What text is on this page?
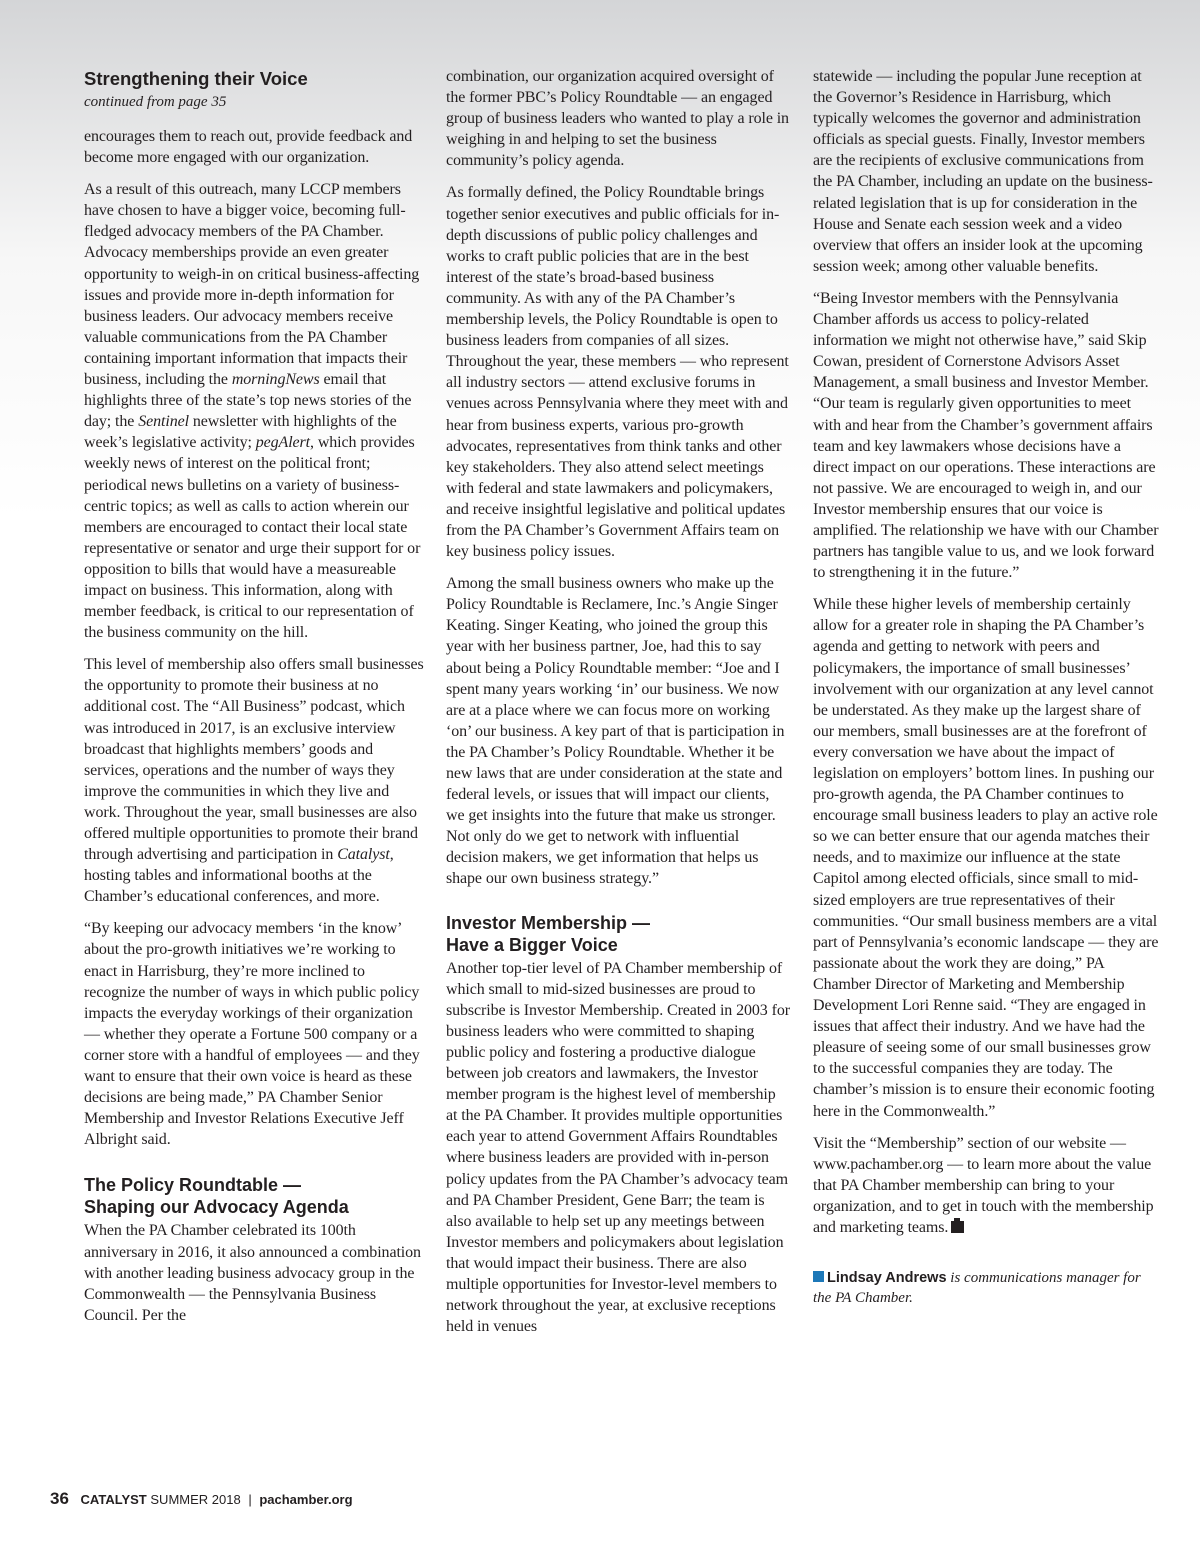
Strengthening their Voice
continued from page 35

encourages them to reach out, provide feedback and become more engaged with our organization.

As a result of this outreach, many LCCP members have chosen to have a bigger voice, becoming full-fledged advocacy members of the PA Chamber. Advocacy memberships provide an even greater opportunity to weigh-in on critical business-affecting issues and provide more in-depth information for business leaders. Our advocacy members receive valuable communications from the PA Chamber containing important information that impacts their business, including the morningNews email that highlights three of the state’s top news stories of the day; the Sentinel newsletter with highlights of the week’s legislative activity; pegAlert, which provides weekly news of interest on the political front; periodical news bulletins on a variety of business-centric topics; as well as calls to action wherein our members are encouraged to contact their local state representative or senator and urge their support for or opposition to bills that would have a measureable impact on business. This information, along with member feedback, is critical to our representation of the business community on the hill.

This level of membership also offers small businesses the opportunity to promote their business at no additional cost. The “All Business” podcast, which was introduced in 2017, is an exclusive interview broadcast that highlights members’ goods and services, operations and the number of ways they improve the communities in which they live and work. Throughout the year, small businesses are also offered multiple opportunities to promote their brand through advertising and participation in Catalyst, hosting tables and informational booths at the Chamber’s educational conferences, and more.

“By keeping our advocacy members ‘in the know’ about the pro-growth initiatives we’re working to enact in Harrisburg, they’re more inclined to recognize the number of ways in which public policy impacts the everyday workings of their organization — whether they operate a Fortune 500 company or a corner store with a handful of employees — and they want to ensure that their own voice is heard as these decisions are being made,” PA Chamber Senior Membership and Investor Relations Executive Jeff Albright said.

The Policy Roundtable —
Shaping our Advocacy Agenda

When the PA Chamber celebrated its 100th anniversary in 2016, it also announced a combination with another leading business advocacy group in the Commonwealth — the Pennsylvania Business Council. Per the

combination, our organization acquired oversight of the former PBC’s Policy Roundtable — an engaged group of business leaders who wanted to play a role in weighing in and helping to set the business community’s policy agenda.

As formally defined, the Policy Roundtable brings together senior executives and public officials for in-depth discussions of public policy challenges and works to craft public policies that are in the best interest of the state’s broad-based business community. As with any of the PA Chamber’s membership levels, the Policy Roundtable is open to business leaders from companies of all sizes. Throughout the year, these members — who represent all industry sectors — attend exclusive forums in venues across Pennsylvania where they meet with and hear from business experts, various pro-growth advocates, representatives from think tanks and other key stakeholders. They also attend select meetings with federal and state lawmakers and policymakers, and receive insightful legislative and political updates from the PA Chamber’s Government Affairs team on key business policy issues.

Among the small business owners who make up the Policy Roundtable is Reclamere, Inc.’s Angie Singer Keating. Singer Keating, who joined the group this year with her business partner, Joe, had this to say about being a Policy Roundtable member: “Joe and I spent many years working ‘in’ our business. We now are at a place where we can focus more on working ‘on’ our business. A key part of that is participation in the PA Chamber’s Policy Roundtable. Whether it be new laws that are under consideration at the state and federal levels, or issues that will impact our clients, we get insights into the future that make us stronger. Not only do we get to network with influential decision makers, we get information that helps us shape our own business strategy.”

Investor Membership —
Have a Bigger Voice

Another top-tier level of PA Chamber membership of which small to mid-sized businesses are proud to subscribe is Investor Membership. Created in 2003 for business leaders who were committed to shaping public policy and fostering a productive dialogue between job creators and lawmakers, the Investor member program is the highest level of membership at the PA Chamber. It provides multiple opportunities each year to attend Government Affairs Roundtables where business leaders are provided with in-person policy updates from the PA Chamber’s advocacy team and PA Chamber President, Gene Barr; the team is also available to help set up any meetings between Investor members and policymakers about legislation that would impact their business. There are also multiple opportunities for Investor-level members to network throughout the year, at exclusive receptions held in venues

statewide — including the popular June reception at the Governor’s Residence in Harrisburg, which typically welcomes the governor and administration officials as special guests. Finally, Investor members are the recipients of exclusive communications from the PA Chamber, including an update on the business-related legislation that is up for consideration in the House and Senate each session week and a video overview that offers an insider look at the upcoming session week; among other valuable benefits.

“Being Investor members with the Pennsylvania Chamber affords us access to policy-related information we might not otherwise have,” said Skip Cowan, president of Cornerstone Advisors Asset Management, a small business and Investor Member. “Our team is regularly given opportunities to meet with and hear from the Chamber’s government affairs team and key lawmakers whose decisions have a direct impact on our operations. These interactions are not passive. We are encouraged to weigh in, and our Investor membership ensures that our voice is amplified. The relationship we have with our Chamber partners has tangible value to us, and we look forward to strengthening it in the future.”

While these higher levels of membership certainly allow for a greater role in shaping the PA Chamber’s agenda and getting to network with peers and policymakers, the importance of small businesses’ involvement with our organization at any level cannot be understated. As they make up the largest share of our members, small businesses are at the forefront of every conversation we have about the impact of legislation on employers’ bottom lines. In pushing our pro-growth agenda, the PA Chamber continues to encourage small business leaders to play an active role so we can better ensure that our agenda matches their needs, and to maximize our influence at the state Capitol among elected officials, since small to mid-sized employers are true representatives of their communities. “Our small business members are a vital part of Pennsylvania’s economic landscape — they are passionate about the work they are doing,” PA Chamber Director of Marketing and Membership Development Lori Renne said. “They are engaged in issues that affect their industry. And we have had the pleasure of seeing some of our small businesses grow to the successful companies they are today. The chamber’s mission is to ensure their economic footing here in the Commonwealth.”

Visit the “Membership” section of our website — www.pachamber.org — to learn more about the value that PA Chamber membership can bring to your organization, and to get in touch with the membership and marketing teams.

Lindsay Andrews is communications manager for the PA Chamber.
36 CATALYST SUMMER 2018 | pachamber.org
